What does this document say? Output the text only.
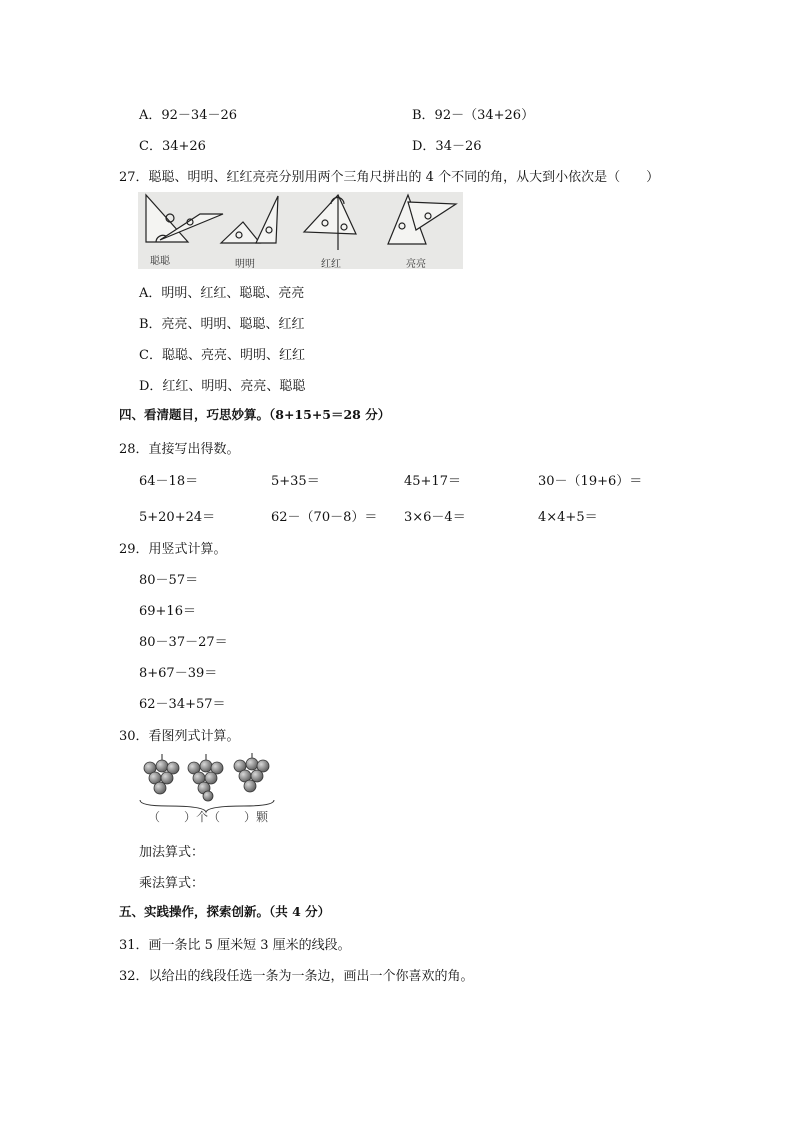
A．92－34－26	B．92－（34+26）
C．34+26	D．34－26
27．聪聪、明明、红红亮亮分别用两个三角尺拼出的 4 个不同的角，从大到小依次是（　　）
聪聪	明明	红红	亮亮
A．明明、红红、聪聪、亮亮
B．亮亮、明明、聪聪、红红
C．聪聪、亮亮、明明、红红
D．红红、明明、亮亮、聪聪
四、看清题目，巧思妙算。（8+15+5＝28 分）
28．直接写出得数。
64－18＝	5+35＝	45+17＝	30－（19+6）＝
5+20+24＝	62－（70－8）＝ 3×6－4＝	4×4+5＝
29．用竖式计算。
80－57＝
69+16＝
80－37－27＝
8+67－39＝
62－34+57＝
30．看图列式计算。
（　　）个（　　）颗
加法算式：
乘法算式：
五、实践操作，探索创新。（共 4 分）
31．画一条比 5 厘米短 3 厘米的线段。
32．以给出的线段任选一条为一条边，画出一个你喜欢的角。
